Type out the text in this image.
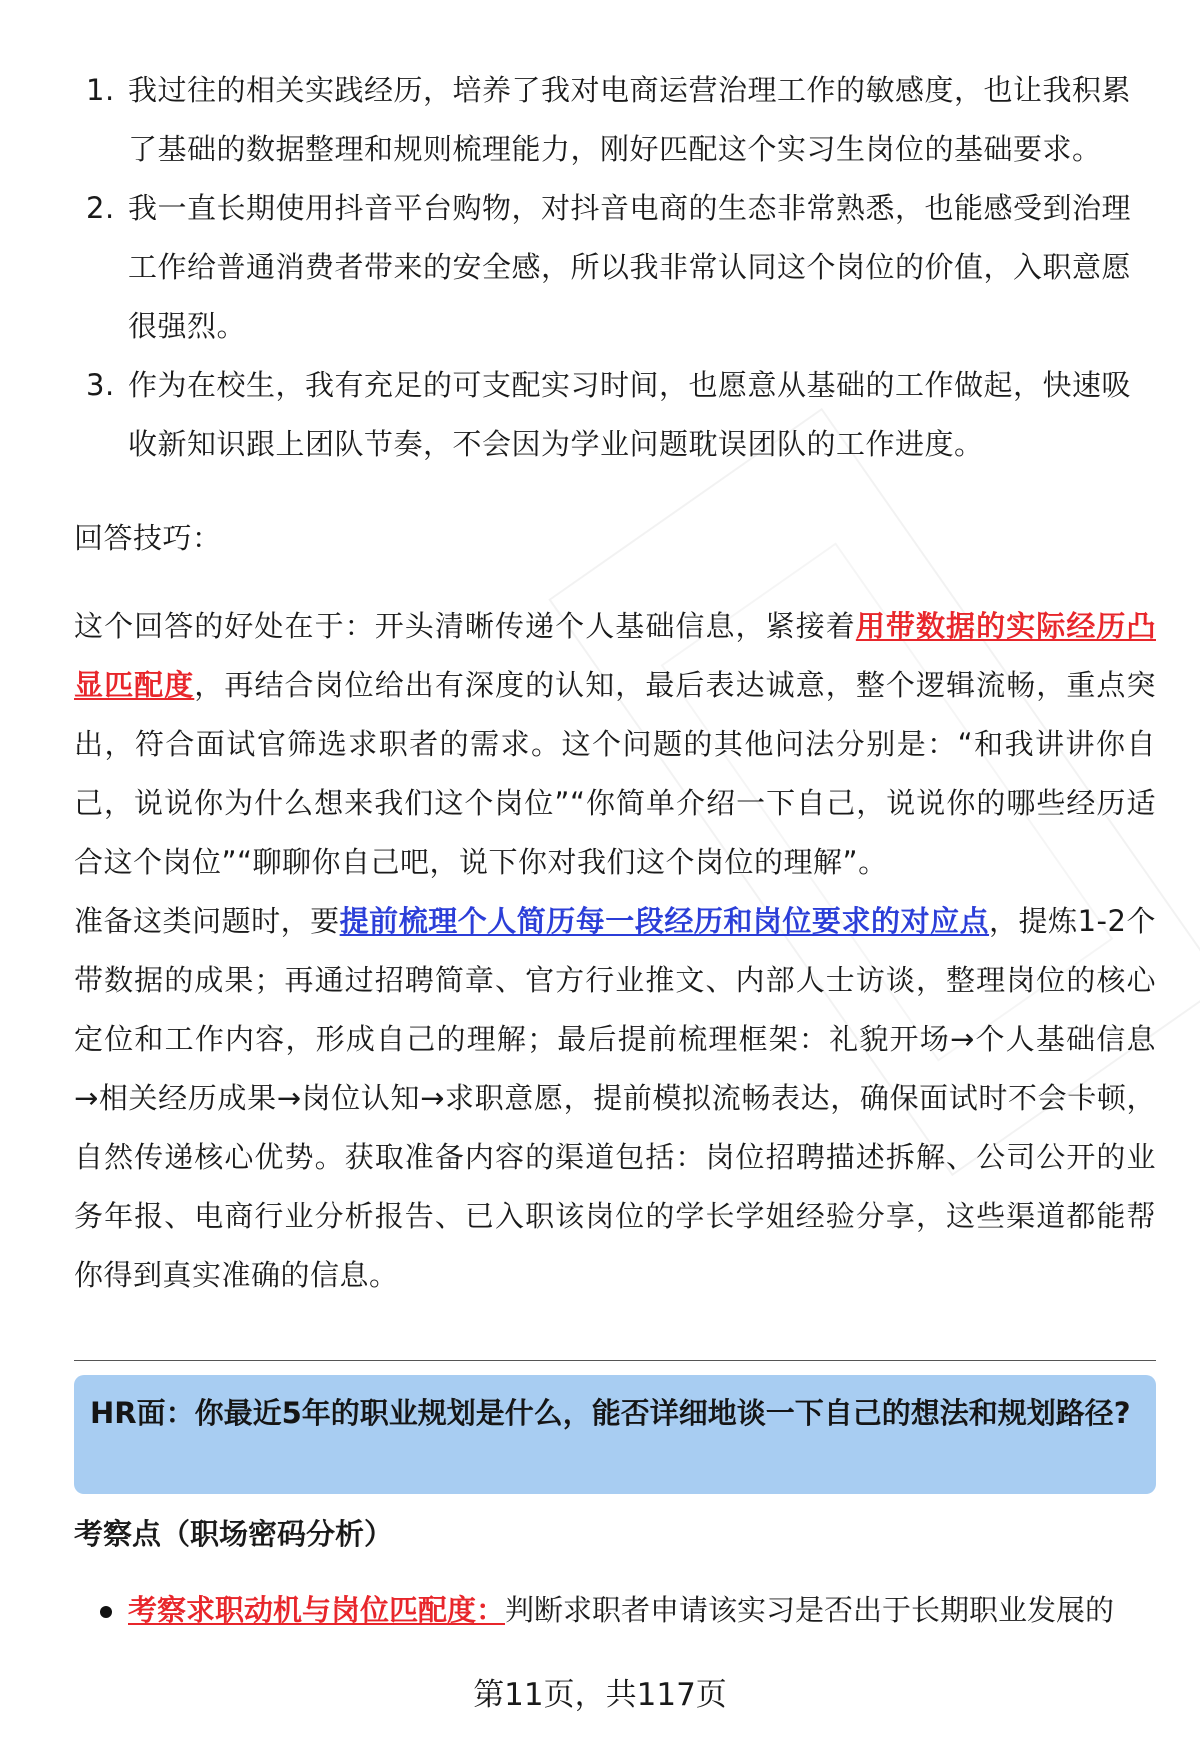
1. 我过往的相关实践经历，培养了我对电商运营治理工作的敏感度，也让我积累了基础的数据整理和规则梳理能力，刚好匹配这个实习生岗位的基础要求。
2. 我一直长期使用抖音平台购物，对抖音电商的生态非常熟悉，也能感受到治理工作给普通消费者带来的安全感，所以我非常认同这个岗位的价值，入职意愿很强烈。
3. 作为在校生，我有充足的可支配实习时间，也愿意从基础的工作做起，快速吸收新知识跟上团队节奏，不会因为学业问题耽误团队的工作进度。
回答技巧：

这个回答的好处在于：开头清晰传递个人基础信息，紧接着用带数据的实际经历凸显匹配度，再结合岗位给出有深度的认知，最后表达诚意，整个逻辑流畅，重点突出，符合面试官筛选求职者的需求。这个问题的其他问法分别是：“和我讲讲你自己，说说你为什么想来我们这个岗位”“你简单介绍一下自己，说说你的哪些经历适合这个岗位”“聊聊你自己吧，说下你对我们这个岗位的理解”。

准备这类问题时，要提前梳理个人简历每一段经历和岗位要求的对应点，提炼1-2个带数据的成果；再通过招聘简章、官方行业推文、内部人士访谈，整理岗位的核心定位和工作内容，形成自己的理解；最后提前梳理框架：礼貌开场→个人基础信息→相关经历成果→岗位认知→求职意愿，提前模拟流畅表达，确保面试时不会卡顿，自然传递核心优势。获取准备内容的渠道包括：岗位招聘描述拆解、公司公开的业务年报、电商行业分析报告、已入职该岗位的学长学姐经验分享，这些渠道都能帮你得到真实准确的信息。

HR面：你最近5年的职业规划是什么，能否详细地谈一下自己的想法和规划路径?
考察点（职场密码分析）
考察求职动机与岗位匹配度：判断求职者申请该实习是否出于长期职业发展的
第11页，共117页
